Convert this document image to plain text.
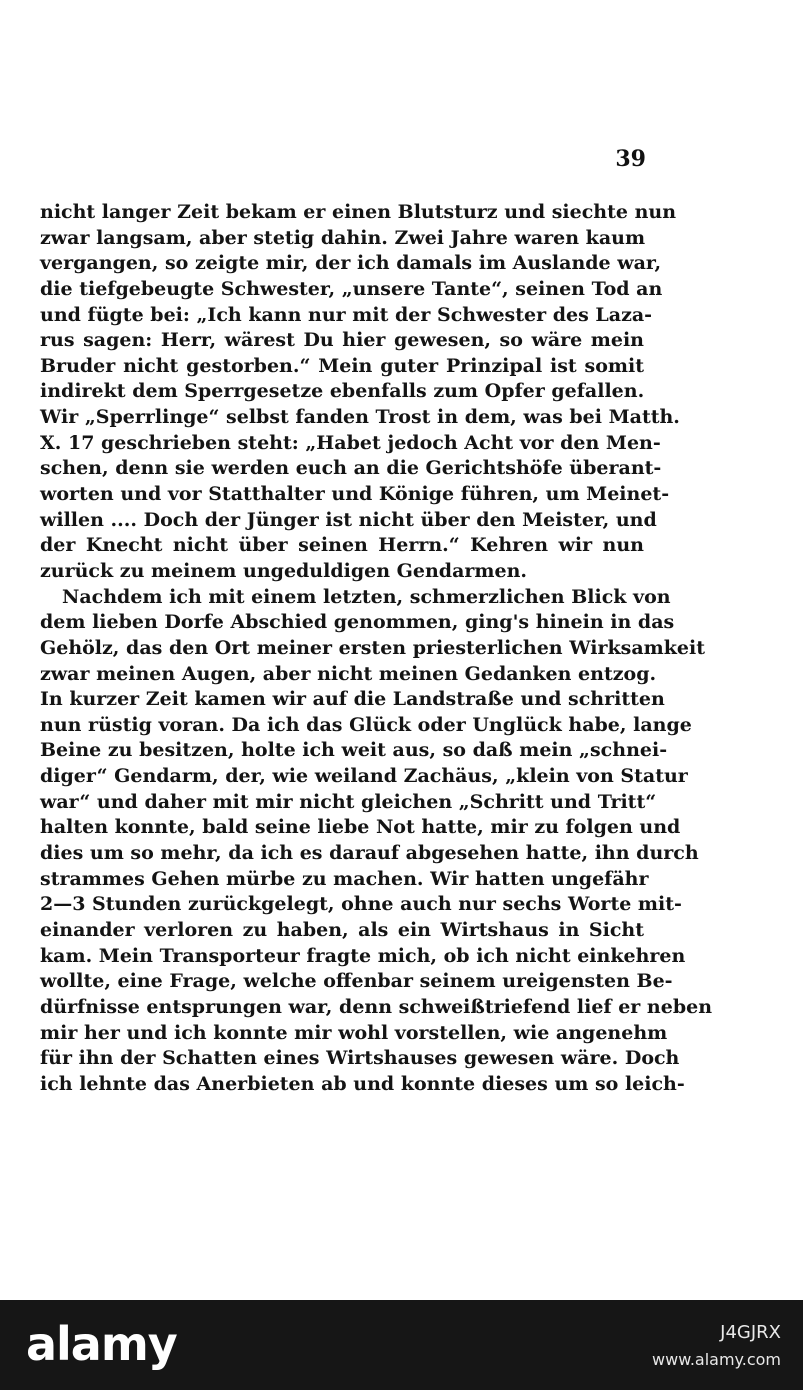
39

nicht langer Zeit bekam er einen Blutsturz und siechte nun
zwar langsam, aber stetig dahin. Zwei Jahre waren kaum
vergangen, so zeigte mir, der ich damals im Auslande war,
die tiefgebeugte Schwester, „unsere Tante“, seinen Tod an
und fügte bei: „Ich kann nur mit der Schwester des Laza-
rus sagen: Herr, wärest Du hier gewesen, so wäre mein
Bruder nicht gestorben.“ Mein guter Prinzipal ist somit
indirekt dem Sperrgesetze ebenfalls zum Opfer gefallen.
Wir „Sperrlinge“ selbst fanden Trost in dem, was bei Matth.
X. 17 geschrieben steht: „Habet jedoch Acht vor den Men-
schen, denn sie werden euch an die Gerichtshöfe überant-
worten und vor Statthalter und Könige führen, um Meinet-
willen .... Doch der Jünger ist nicht über den Meister, und
der Knecht nicht über seinen Herrn.“ Kehren wir nun
zurück zu meinem ungeduldigen Gendarmen.
Nachdem ich mit einem letzten, schmerzlichen Blick von
dem lieben Dorfe Abschied genommen, ging's hinein in das
Gehölz, das den Ort meiner ersten priesterlichen Wirksamkeit
zwar meinen Augen, aber nicht meinen Gedanken entzog.
In kurzer Zeit kamen wir auf die Landstraße und schritten
nun rüstig voran. Da ich das Glück oder Unglück habe, lange
Beine zu besitzen, holte ich weit aus, so daß mein „schnei-
diger“ Gendarm, der, wie weiland Zachäus, „klein von Statur
war“ und daher mit mir nicht gleichen „Schritt und Tritt“
halten konnte, bald seine liebe Not hatte, mir zu folgen und
dies um so mehr, da ich es darauf abgesehen hatte, ihn durch
strammes Gehen mürbe zu machen. Wir hatten ungefähr
2—3 Stunden zurückgelegt, ohne auch nur sechs Worte mit-
einander verloren zu haben, als ein Wirtshaus in Sicht
kam. Mein Transporteur fragte mich, ob ich nicht einkehren
wollte, eine Frage, welche offenbar seinem ureigensten Be-
dürfnisse entsprungen war, denn schweißtriefend lief er neben
mir her und ich konnte mir wohl vorstellen, wie angenehm
für ihn der Schatten eines Wirtshauses gewesen wäre. Doch
ich lehnte das Anerbieten ab und konnte dieses um so leich-

alamy	J4GJRX

www.alamy.com
